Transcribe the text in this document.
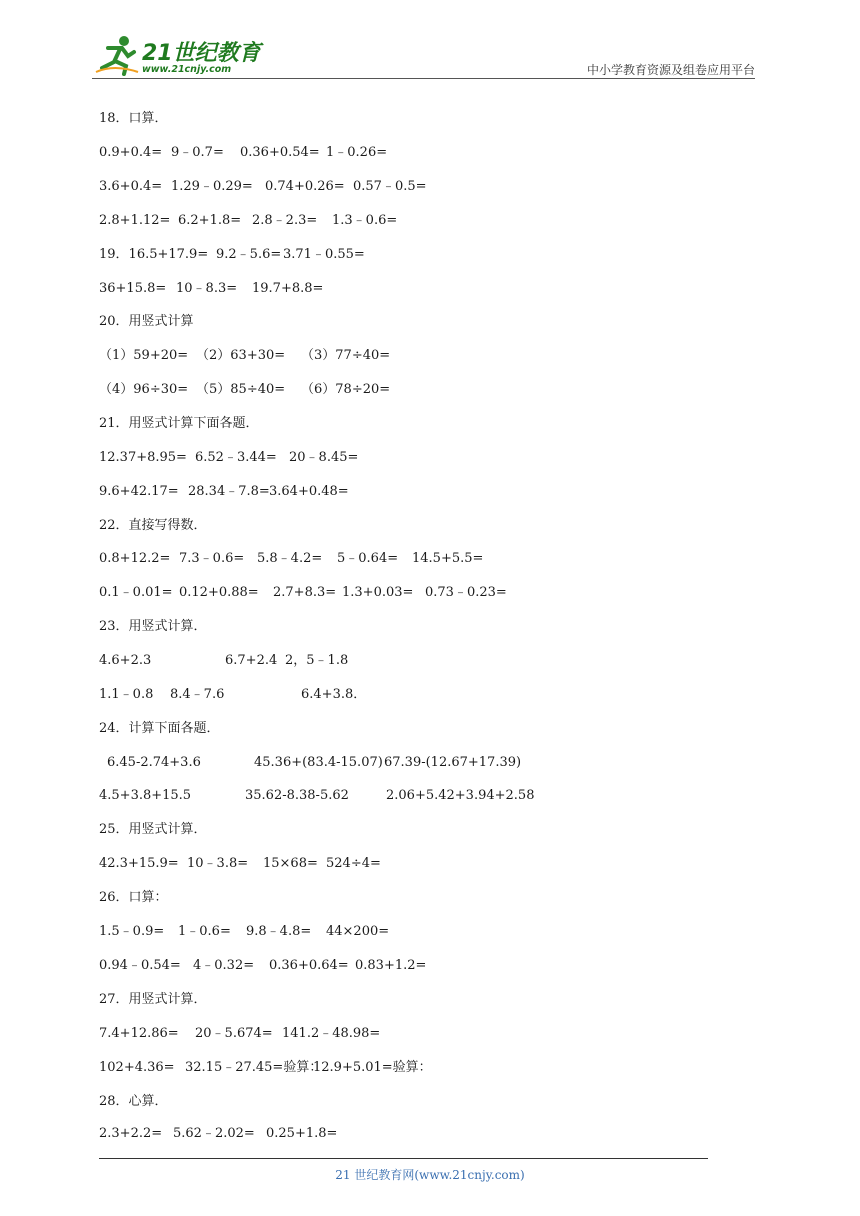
21世纪教育
www.21cnjy.com	中小学教育资源及组卷应用平台
18．口算．
0.9+0.4= 9﹣0.7= 0.36+0.54= 1﹣0.26=
3.6+0.4= 1.29﹣0.29= 0.74+0.26= 0.57﹣0.5=
2.8+1.12= 6.2+1.8= 2.8﹣2.3= 1.3﹣0.6=
19．16.5+17.9= 9.2﹣5.6= 3.71﹣0.55=
36+15.8= 10﹣8.3= 19.7+8.8=
20．用竖式计算
（1）59+20= （2）63+30= （3）77÷40=
（4）96÷30= （5）85÷40= （6）78÷20=
21．用竖式计算下面各题．
12.37+8.95= 6.52﹣3.44= 20﹣8.45=
9.6+42.17= 28.34﹣7.8= 3.64+0.48=
22．直接写得数．
0.8+12.2= 7.3﹣0.6= 5.8﹣4.2= 5﹣0.64= 14.5+5.5=
0.1﹣0.01= 0.12+0.88= 2.7+8.3= 1.3+0.03= 0.73﹣0.23=
23．用竖式计算．
4.6+2.3	6.7+2.4 2，5﹣1.8
1.1﹣0.8 8.4﹣7.6	6.4+3.8．
24．计算下面各题．
6.45-2.74+3.6	45.36+(83.4-15.07) 67.39-(12.67+17.39)
4.5+3.8+15.5	35.62-8.38-5.62	2.06+5.42+3.94+2.58
25．用竖式计算．
42.3+15.9= 10﹣3.8= 15×68= 524÷4=
26．口算：
1.5﹣0.9= 1﹣0.6= 9.8﹣4.8= 44×200=
0.94﹣0.54= 4﹣0.32= 0.36+0.64= 0.83+1.2=
27．用竖式计算．
7.4+12.86= 20﹣5.674= 141.2﹣48.98=
102+4.36= 32.15﹣27.45=验算：
12.9+5.01=验算：
28．心算．
2.3+2.2= 5.62﹣2.02= 0.25+1.8=
21 世纪教育网(www.21cnjy.com)
